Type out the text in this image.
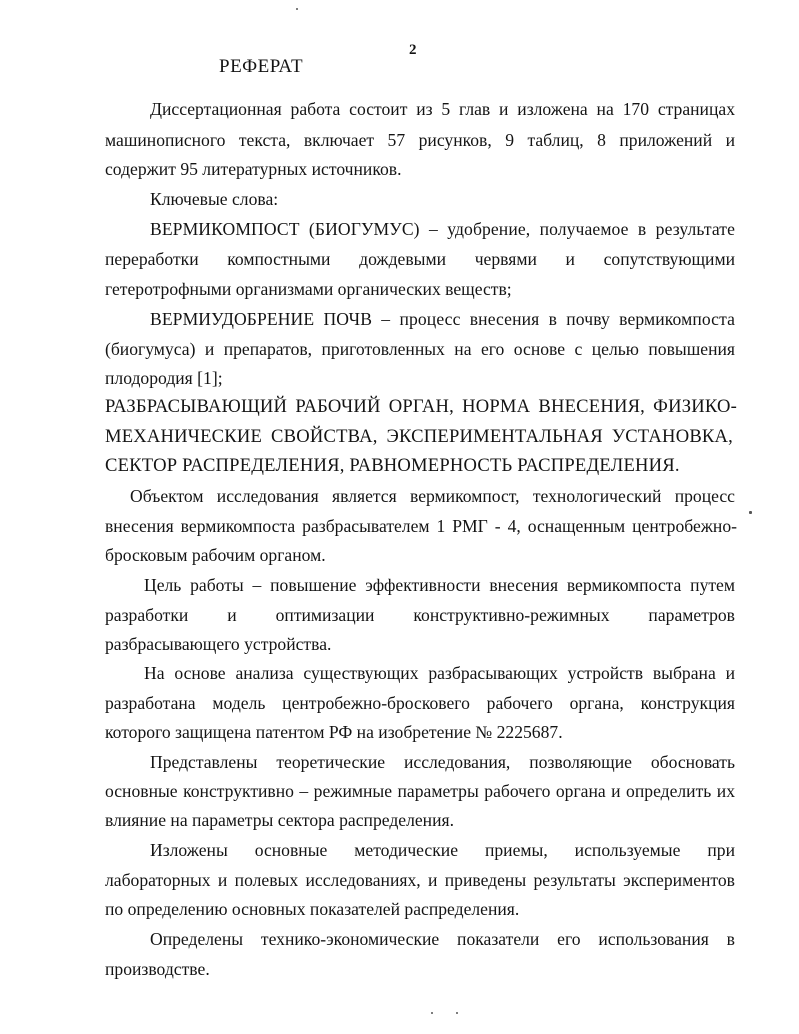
2
РЕФЕРАТ
Диссертационная работа состоит из 5 глав и изложена на 170 страницах
машинописного текста, включает 57 рисунков, 9 таблиц, 8 приложений и
содержит 95 литературных источников.
Ключевые слова:
ВЕРМИКОМПОСТ (БИОГУМУС) – удобрение, получаемое в результате
переработки компостными дождевыми червями и сопутствующими
гетеротрофными организмами органических веществ;
ВЕРМИУДОБРЕНИЕ ПОЧВ – процесс внесения в почву вермикомпоста
(биогумуса) и препаратов, приготовленных на его основе с целью повышения
плодородия [1];
РАЗБРАСЫВАЮЩИЙ РАБОЧИЙ ОРГАН, НОРМА ВНЕСЕНИЯ, ФИЗИКО-
МЕХАНИЧЕСКИЕ СВОЙСТВА, ЭКСПЕРИМЕНТАЛЬНАЯ УСТАНОВКА,
СЕКТОР РАСПРЕДЕЛЕНИЯ, РАВНОМЕРНОСТЬ РАСПРЕДЕЛЕНИЯ.
Объектом исследования является вермикомпост, технологический процесс
внесения вермикомпоста разбрасывателем 1 РМГ - 4, оснащенным центробежно-
бросковым рабочим органом.
Цель работы – повышение эффективности внесения вермикомпоста путем
разработки и оптимизации конструктивно-режимных параметров
разбрасывающего устройства.
На основе анализа существующих разбрасывающих устройств выбрана и
разработана модель центробежно-бросковего рабочего органа, конструкция
которого защищена патентом РФ на изобретение № 2225687.
Представлены теоретические исследования, позволяющие обосновать
основные конструктивно – режимные параметры рабочего органа и определить их
влияние на параметры сектора распределения.
Изложены основные методические приемы, используемые при
лабораторных и полевых исследованиях, и приведены результаты экспериментов
по определению основных показателей распределения.
Определены технико-экономические показатели его использования в
производстве.
